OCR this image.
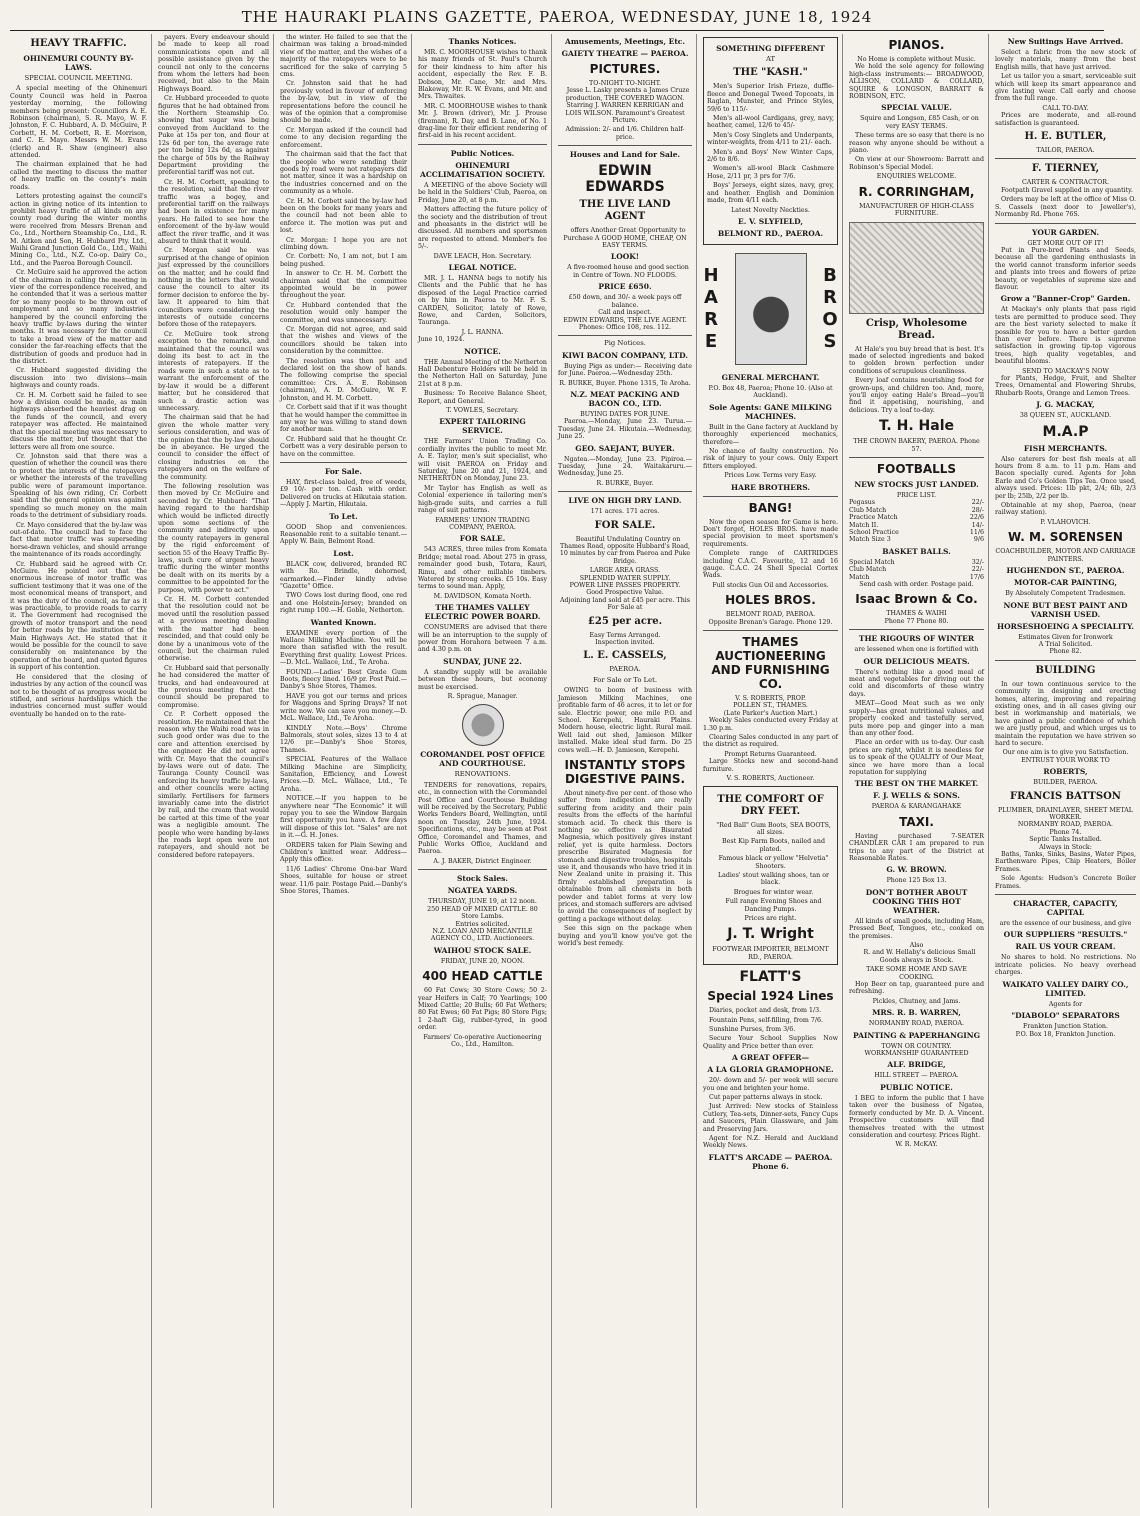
THE HAURAKI PLAINS GAZETTE, PAEROA, WEDNESDAY, JUNE 18, 1924
HEAVY TRAFFIC.
OHINEMURI COUNTY BY-LAWS.
SPECIAL COUNCIL MEETING.

A special meeting of the Ohinemuri County Council was held in Paeroa yesterday morning, the following members being present: Councillors A. E. Robinson (chairman), S. R. Mayo, W. F. Johnston, F. C. Hubbard, A. D. McGuire, P. Corbett, H. M. Corbett, R. E. Morrison, and C. E. Mayo. Messrs W. M. Evans (clerk) and R. Shaw (engineer) also attended.

The chairman explained that he had called the meeting to discuss the matter of heavy traffic on the county's main roads.

Letters protesting against the council's action in giving notice of its intention to prohibit heavy traffic of all kinds on any county road during the winter months were received from Messrs Brenan and Co., Ltd., Northern Steamship Co., Ltd., R. M. Aitken and Son, H. Hubbard Pty. Ltd., Waihi Grand Junction Gold Co., Ltd., Waihi Mining Co., Ltd., N.Z. Co-op. Dairy Co., Ltd., and the Paeroa Borough Council.

Cr. McGuire said he approved the action of the chairman in calling the meeting in view of the correspondence received, and he contended that it was a serious matter for so many people to be thrown out of employment and so many industries hampered by the council enforcing the heavy traffic by-laws during the winter months. It was necessary for the council to take a broad view of the matter and consider the far-reaching effects that the distribution of goods and produce had in the district.

Cr. Hubbard suggested dividing the discussion into two divisions—main highways and county roads.

Cr. H. M. Corbett said he failed to see how a division could be made, as main highways absorbed the heaviest drag on the funds of the council, and every ratepayer was affected. He maintained that the special meeting was necessary to discuss the matter, but thought that the letters were all from one source.

Cr. Johnston said that there was a question of whether the council was there to protect the interests of the ratepayers or whether the interests of the travelling public were of paramount importance. Speaking of his own riding, Cr. Corbett said that the general opinion was against spending so much money on the main roads to the detriment of subsidiary roads.

Cr. Mayo considered that the by-law was out-of-date. The council had to face the fact that motor traffic was superseding horse-drawn vehicles, and should arrange the maintenance of its roads accordingly.

Cr. Hubbard said he agreed with Cr. McGuire. He pointed out that the enormous increase of motor traffic was sufficient testimony that it was one of the most economical means of transport, and it was the duty of the council, as far as it was practicable, to provide roads to carry it. The Government had recognised the growth of motor transport and the need for better roads by the institution of the Main Highways Act. He stated that it would be possible for the council to save considerably on maintenance by the operation of the board, and quoted figures in support of his contention.

He considered that the closing of industries by any action of the council was not to be thought of as progress would be stifled, and serious hardships which the industries concerned must suffer would eventually be handed on to the rate-

payers. Every endeavour should be made to keep all road communications open and all possible assistance given by the council not only to the concerns from whom the letters had been received, but also to the Main Highways Board.

Cr. Hubbard proceeded to quote figures that he had obtained from the Northern Steamship Co. showing that sugar was being conveyed from Auckland to the Puke at 15s per ton, and flour at 12s 6d per ton, the average rate per ton being 12s 6d, as against the charge of 50s by the Railway Department providing the preferential tariff was not cut.

Cr. H. M. Corbett, speaking to the resolution, said that the river traffic was a bogey, and preferential tariff on the railways had been in existence for many years. He failed to see how the enforcement of the by-law would affect the river traffic, and it was absurd to think that it would.

Cr. Morgan said he was surprised at the change of opinion just expressed by the councillors on the matter, and he could find nothing in the letters that would cause the council to alter its former decision to enforce the by-law. It appeared to him that councillors were considering the interests of outside concerns before those of the ratepayers.

Cr. McGuire took strong exception to the remarks, and maintained that the council was doing its best to act in the interests of ratepayers. If the roads were in such a state as to warrant the enforcement of the by-law it would be a different matter, but he considered that such a drastic action was unnecessary.

The chairman said that he had given the whole matter very serious consideration, and was of the opinion that the by-law should be in abeyance. He urged the council to consider the effect of closing industries on the ratepayers and on the welfare of the community.

The following resolution was then moved by Cr. McGuire and seconded by Cr. Hubbard: "That having regard to the hardship which would be inflicted directly upon some sections of the community and indirectly upon the county ratepayers in general by the rigid enforcement of section 55 of the Heavy Traffic By-laws, such cure of urgent heavy traffic during the winter months be dealt with on its merits by a committee to be appointed for the purpose, with power to act."

Cr. H. M. Corbett contended that the resolution could not be moved until the resolution passed at a previous meeting dealing with the matter had been rescinded, and that could only be done by a unanimous vote of the council, but the chairman ruled otherwise.

Cr. Hubbard said that personally he had considered the matter of trucks, and had endeavoured at the previous meeting that the council should be prepared to compromise.

Cr. P. Corbett opposed the resolution. He maintained that the reason why the Waihi road was in such good order was due to the care and attention exercised by the engineer. He did not agree with Cr. Mayo that the council's by-laws were out of date. The Tauranga County Council was enforcing its heavy traffic by-laws, and other councils were acting similarly. Fertilisers for farmers invariably came into the district by rail, and the cream that would be carted at this time of the year was a negligible amount. The people who were handing by-laws the roads kept open were not ratepayers, and should not be considered before ratepayers.

the winter. He failed to see that the chairman was taking a broad-minded view of the matter, and the wishes of a majority of the ratepayers were to be sacrificed for the sake of carrying 5 cms.

Cr. Johnston said that he had previously voted in favour of enforcing the by-law, but in view of the representations before the council he was of the opinion that a compromise should be made.

Cr. Morgan asked if the council had come to any decision regarding the enforcement.

The chairman said that the fact that the people who were sending their goods by road were not ratepayers did not matter, since it was a hardship on the industries concerned and on the community as a whole.

Cr. H. M. Corbett said the by-law had been on the books for many years and the council had not been able to enforce it. The motion was put and lost.

Cr. Morgan: I hope you are not climbing down.

Cr. Corbett: No, I am not, but I am being pushed.

In answer to Cr. H. M. Corbett the chairman said that the committee appointed would be in power throughout the year.

Cr. Hubbard contended that the resolution would only hamper the committee, and was unnecessary.

Cr. Morgan did not agree, and said that the wishes and views of the councillors should be taken into consideration by the committee.

The resolution was then put and declared lost on the show of hands. The following comprise the special committee: Crs. A. E. Robinson (chairman), A. D. McGuire, W. F. Johnston, and H. M. Corbett.

Cr. Corbett said that if it was thought that he would hamper the committee in any way he was willing to stand down for another man.

Cr. Hubbard said that he thought Cr. Corbett was a very desirable person to have on the committee.

For Sale.

HAY, first-class baled, free of weeds, £9 10/- per ton. Cash with order. Delivered on trucks at Hikutaia station.—Apply J. Martin, Hikutaia.

To Let.

GOOD Shop and conveniences. Reasonable rent to a suitable tenant.—Apply W. Bain, Belmont Road.

Lost.

BLACK cow, delivered, branded RC with Ro. Brindle, dehorned, earmarked.—Finder kindly advise "Gazette" Office.

TWO Cows lost during flood, one red and one Holstein-Jersey; branded on right rump 100.—H. Goble, Netherton.

Wanted Known.

EXAMINE every portion of the Wallace Milking Machine. You will be more than satisfied with the result. Everything first quality. Lowest Prices.—D. McL. Wallace, Ltd., Te Aroha.

FOUND.—Ladies' Best Grade Gum Boots, fleecy lined. 16/9 pr. Post Paid.—Danby's Shoe Stores, Thames.

HAVE you got our terms and prices for Waggons and Spring Drays? If not write now. We can save you money.—D. McL. Wallace, Ltd., Te Aroha.

KINDLY Note.—Boys' Chrome Balmorals, stout soles, sizes 13 to 4 at 12/6 pr.—Danby's Shoe Stores, Thames.

SPECIAL Features of the Wallace Milking Machine are Simplicity, Sanitation, Efficiency, and Lowest Prices.—D. McL. Wallace, Ltd., Te Aroha.

NOTICE.—If you happen to be anywhere near "The Economic" it will repay you to see the Window Bargain first opportunity you have. A few days will dispose of this lot. "Sales" are not in it.—G. H. Jones.

ORDERS taken for Plain Sewing and Children's knitted wear. Address—Apply this office.

11/6 Ladies' Chrome One-bar Ward Shoes, suitable for house or street wear. 11/6 pair. Postage Paid.—Danby's Shoe Stores, Thames.

Thanks Notices.

MR. C. MOORHOUSE wishes to thank his many friends of St. Paul's Church for their kindness to him after his accident, especially the Rev. F. B. Dobson, Mr. Cane, Mr. and Mrs. Blakeway, Mr. R. W. Evans, and Mr. and Mrs. Thwaites.

MR. C. MOORHOUSE wishes to thank Mr. J. Brown (driver), Mr. J. Prouse (fireman), R. Day, and B. Lane, of No. 1 drag-line for their efficient rendering of first-aid in his recent accident.

Public Notices.
OHINEMURI ACCLIMATISATION SOCIETY.

A MEETING of the above Society will be held in the Soldiers' Club, Paeroa, on Friday, June 20, at 8 p.m.

Matters affecting the future policy of the society and the distribution of trout and pheasants in the district will be discussed. All members and sportsmen are requested to attend. Member's fee 5/-.

DAVE LEACH, Hon. Secretary.
LEGAL NOTICE.

MR. J. L. HANNA begs to notify his Clients and the Public that he has disposed of the Legal Practice carried on by him in Paeroa to Mr. F. S. CARDEN, Solicitor, lately of Rowe, Rowe, and Carden, Solicitors, Tauranga.

J. L. HANNA.
June 10, 1924.
NOTICE.

THE Annual Meeting of the Netherton Hall Debenture Holders will be held in the Netherton Hall on Saturday, June 21st at 8 p.m.

Business: To Receive Balance Sheet, Report, and General.

T. VOWLES, Secretary.
EXPERT TAILORING SERVICE.

THE Farmers' Union Trading Co. cordially invites the public to meet Mr. A. E. Taylor, men's suit specialist, who will visit PAEROA on Friday and Saturday, June 20 and 21, 1924, and NETHERTON on Monday, June 23.

Mr Taylor has English as well as Colonial experience in tailoring men's high-grade suits, and carries a full range of suit patterns.

FARMERS' UNION TRADING COMPANY, PAEROA.
FOR SALE.

543 ACRES, three miles from Komata Bridge; metal road. About 275 in grass, remainder good bush, Totara, Kauri, Rimu, and other millable timbers. Watered by strong creeks. £5 10s. Easy terms to sound man. Apply,

M. DAVIDSON, Komata North.
THE THAMES VALLEY ELECTRIC POWER BOARD.

CONSUMERS are advised that there will be an interruption to the supply of power from Horahora between 7 a.m. and 4.30 p.m. on

SUNDAY, JUNE 22.

A standby supply will be available between these hours, but economy must be exercised.

R. Sprague, Manager.
COROMANDEL POST OFFICE AND COURTHOUSE.
RENOVATIONS.

TENDERS for renovations, repairs, etc., in connection with the Coromandel Post Office and Courthouse Building will be received by the Secretary, Public Works Tenders Board, Wellington, until noon on Tuesday, 24th June, 1924. Specifications, etc., may be seen at Post Office, Coromandel and Thames, and Public Works Office, Auckland and Paeroa.

A. J. BAKER, District Engineer.
Stock Sales.
NGATEA YARDS.
THURSDAY, JUNE 19, at 12 noon.
250 HEAD OF MIXED CATTLE. 80 Store Lambs.
Entries solicited.
N.Z. LOAN AND MERCANTILE AGENCY CO., LTD. Auctioneers.
WAIHOU STOCK SALE.
FRIDAY, JUNE 20, NOON.
400 HEAD CATTLE

60 Fat Cows; 30 Store Cows; 50 2-year Heifers in Calf; 70 Yearlings; 100 Mixed Cattle; 20 Bulls; 60 Fat Wethers; 80 Fat Ewes; 60 Fat Pigs; 80 Store Pigs; 1 2-haft Gig, rubber-tyred, in good order.

Farmers' Co-operative Auctioneering Co., Ltd., Hamilton.
Amusements, Meetings, Etc.
GAIETY THEATRE — PAEROA.
PICTURES.
TO-NIGHT TO-NIGHT.

Jesse L. Lasky presents a James Cruze production, THE COVERED WAGON. Starring J. WARREN KERRIGAN and LOIS WILSON. Paramount's Greatest Picture.

Admission: 2/- and 1/6. Children half-price.
Houses and Land for Sale.
EDWIN EDWARDS
THE LIVE LAND AGENT

offers Another Great Opportunity to Purchase A GOOD HOME, CHEAP, ON EASY TERMS.

LOOK!

A five-roomed house and good section in Centre of Town. NO FLOODS.

PRICE £650.
£50 down, and 30/- a week pays off balance.
Call and inspect.
EDWIN EDWARDS, THE LIVE AGENT. Phones: Office 108, res. 112.
Pig Notices.
KIWI BACON COMPANY, LTD.

Buying Pigs as under:— Receiving date for June. Paeroa.—Wednesday 25th.

R. BURKE, Buyer. Phone 131S, Te Aroha.
N.Z. MEAT PACKING AND BACON CO., LTD.
BUYING DATES FOR JUNE.

Paeroa.—Monday, June 23. Turua.—Tuesday, June 24. Hikutaia.—Wednesday, June 25.

GEO. SAEJANT, BUYER.

Ngatea.—Monday, June 23. Pipiroa.—Tuesday, June 24. Waitakaruru.—Wednesday, June 25.

R. BURKE, Buyer.
LIVE ON HIGH DRY LAND.
171 acres. 171 acres.
FOR SALE.

Beautiful Undulating Country on Thames Road, opposite Hubbard's Road, 10 minutes by car from Paeroa and Puke Bridge.

LARGE AREA GRASS.
SPLENDID WATER SUPPLY.
POWER LINE PASSES PROPERTY.
Good Prospective Value.
Adjoining land sold at £45 per acre. This For Sale at
£25 per acre.
Easy Terms Arranged.
Inspection invited.
L. E. CASSELS,
PAEROA.
For Sale or To Let.

OWING to boom of business with Jamieson Milking Machines, one profitable farm of 46 acres, it to let or for sale. Electric power, one mile P.O. and School. Kerepehi, Hauraki Plains. Modern house, electric light. Rural mail. Well laid out shed, Jamieson Milker installed. Make ideal stud farm. Do 25 cows well.—H. D. Jamieson, Kerepehi.

INSTANTLY STOPS DIGESTIVE PAINS.

About ninety-five per cent. of those who suffer from indigestion are really suffering from acidity and their pain results from the effects of the harmful stomach acid. To check this there is nothing so effective as Bisurated Magnesia, which positively gives instant relief, yet is quite harmless. Doctors prescribe Bisurated Magnesia for stomach and digestive troubles, hospitals use it, and thousands who have tried it in New Zealand unite in praising it. This firmly established preparation is obtainable from all chemists in both powder and tablet forms at very low prices, and stomach sufferers are advised to avoid the consequences of neglect by getting a package without delay.

See this sign on the package when buying and you'll know you've got the world's best remedy.

SOMETHING DIFFERENT
AT
THE "KASH."

Men's Superior Irish Frieze, duffle-fleece and Donegal Tweed Topcoats, in Raglan, Munster, and Prince Styles, 59/6 to 115/-

Men's all-wool Cardigans, grey, navy, heather, camel, 12/6 to 45/-

Men's Cosy Singlets and Underpants, winter-weights, from 4/11 to 21/- each.

Men's and Boys' New Winter Caps, 2/6 to 8/6.

Women's all-wool Black Cashmere Hose, 2/11 pr, 3 prs for 7/6.

Boys' Jerseys, eight sizes, navy, grey, and heather. English and Dominion made, from 4/11 each.

Latest Novelty Neckties.
E. V. SLYFIELD,
BELMONT RD., PAEROA.
HARE
BROS
GENERAL MERCHANT.
P.O. Box 48, Paeroa; Phone 10. (Also at Auckland).
Sole Agents: GANE MILKING MACHINES.

Built in the Gane factory at Auckland by thoroughly experienced mechanics, therefore—

No chance of faulty construction. No risk of injury to your cows. Only Expert fitters employed.

Prices Low. Terms very Easy.
HARE BROTHERS.
BANG!

Now the open season for Game is here. Don't forget, HOLES BROS. have made special provision to meet sportsmen's requirements.

Complete range of CARTRIDGES including C.A.C. Favourite, 12 and 16 gauge. C.A.C. 24 Shell Special Cortex Wads.

Full stocks Gun Oil and Accessories.
HOLES BROS.
BELMONT ROAD, PAEROA.
Opposite Brenan's Garage. Phone 129.
THAMES AUCTIONEERING AND FURNISHING CO.
V. S. ROBERTS, PROP.
POLLEN ST., THAMES.
(Late Parker's Auction Mart.)

Weekly Sales conducted every Friday at 1.30 p.m.

Clearing Sales conducted in any part of the district as required.

Prompt Returns Guaranteed.

Large Stocks new and second-hand furniture.

V. S. ROBERTS, Auctioneer.
THE COMFORT OF DRY FEET.

"Red Ball" Gum Boots, SEA BOOTS, all sizes.

Best Kip Farm Boots, nailed and plated.

Famous black or yellow "Helvetia" Shooters.

Ladies' stout walking shoes, tan or black.

Brogues for winter wear.

Full range Evening Shoes and Dancing Pumps.

Prices are right.
J. T. Wright
FOOTWEAR IMPORTER, BELMONT RD., PAEROA.
FLATT'S
Special 1924 Lines

Diaries, pocket and desk, from 1/3.

Fountain Pens, self-filling, from 7/6.

Sunshine Purses, from 3/6.

Secure Your School Supplies Now Quality and Price better than ever.

A GREAT OFFER—
A LA GLORIA GRAMOPHONE.

20/- down and 5/- per week will secure you one and brighten your home.

Cut paper patterns always in stock.

Just Arrived: New stocks of Stainless Cutlery, Tea-sets, Dinner-sets, Fancy Cups and Saucers, Plain Glassware, and Jam and Preserving Jars.

Agent for N.Z. Herald and Auckland Weekly News.

FLATT'S ARCADE — PAEROA. Phone 6.
PIANOS.
No Home is complete without Music.

We hold the sole agency for following high-class instruments:— BROADWOOD, ALLISON, COLLARD & COLLARD, SQUIRE & LONGSON, BARRATT & ROBINSON, ETC.

SPECIAL VALUE.

Squire and Longson, £85 Cash, or on very EASY TERMS.

These terms are so easy that there is no reason why anyone should be without a piano.

On view at our Showroom: Barratt and Robinson's Special Model.

ENQUIRIES WELCOME.
R. CORRINGHAM,
MANUFACTURER OF HIGH-CLASS FURNITURE.
Crisp, Wholesome Bread.

At Hale's you buy bread that is best. It's made of selected ingredients and baked to golden brown perfection under conditions of scrupulous cleanliness.

Every loaf contains nourishing food for grown-ups, and children too. And, more, you'll enjoy eating Hale's Bread—you'll find it appetising, nourishing, and delicious. Try a loaf to-day.

T. H. Hale
THE CROWN BAKERY, PAEROA. Phone 57.
FOOTBALLS
NEW STOCKS JUST LANDED.
PRICE LIST.
Pegasus	22/-
Club Match	28/-
Practice Match	22/6
Match II.	14/-
School Practice	11/6
Match Size 3	9/6
BASKET BALLS.
Special Match	32/-
Club Match	22/-
Match	17/6
Send cash with order. Postage paid.
Isaac Brown & Co.
THAMES & WAIHI
Phone 77 Phone 80.
THE RIGOURS OF WINTER
are lessened when one is fortified with
OUR DELICIOUS MEATS.

There's nothing like a good meal of meat and vegetables for driving out the cold and discomforts of these wintry days.

MEAT—Good Meat such as we only supply—has great nutritional values, and properly cooked and tastefully served, puts more pep and ginger into a man than any other food.

Place an order with us to-day. Our cash prices are right, whilst it is needless for us to speak of the QUALITY of Our Meat, since we have more than a local reputation for supplying

THE BEST ON THE MARKET.
F. J. WELLS & SONS.
PAEROA & KARANGAHAKE
TAXI.

Having purchased 7-SEATER CHANDLER CAR I am prepared to run trips to any part of the District at Reasonable Rates.

G. W. BROWN.
Phone 125 Box 13.
DON'T BOTHER ABOUT COOKING THIS HOT WEATHER.

All kinds of small goods, including Ham, Pressed Beef, Tongues, etc., cooked on the premises.

Also

R. and W. Hellaby's delicious Small Goods always in Stock.

TAKE SOME HOME AND SAVE COOKING.

Hop Beer on tap, guaranteed pure and refreshing.

Pickles, Chutney, and Jams.
MRS. R. B. WARREN,
NORMANBY ROAD, PAEROA.
PAINTING & PAPERHANGING
TOWN OR COUNTRY.
WORKMANSHIP GUARANTEED
ALF. BRIDGE,
HILL STREET — PAEROA.
PUBLIC NOTICE.

I BEG to inform the public that I have taken over the business of Ngatea, formerly conducted by Mr. D. A. Vincent. Prospective customers will find themselves treated with the utmost consideration and courtesy. Prices Right.

W. R. McKAY.
New Suitings Have Arrived.

Select a fabric from the new stock of lovely materials, many from the best English mills, that have just arrived.

Let us tailor you a smart, serviceable suit which will keep its smart appearance and give lasting wear. Call early and choose from the full range.

CALL TO-DAY.

Prices are moderate, and all-round satisfaction is guaranteed.

H. E. BUTLER,
TAILOR, PAEROA.
F. TIERNEY,
CARTER & CONTRACTOR.

Footpath Gravel supplied in any quantity.

Orders may be left at the office of Miss O. S. Cassels (next door to Jeweller's), Normanby Rd. Phone 76S.

YOUR GARDEN.
GET MORE OUT OF IT!

Put in Pure-bred Plants and Seeds, because all the gardening enthusiasts in the world cannot transform inferior seeds and plants into trees and flowers of prize beauty, or vegetables of supreme size and flavour.

Grow a "Banner-Crop" Garden.

At Mackay's only plants that pass rigid tests are permitted to produce seed. They are the best variety selected to make it possible for you to have a better garden than ever before. There is supreme satisfaction in growing tip-top vigorous trees, high quality vegetables, and beautiful blooms.

SEND TO MACKAY'S NOW

for Plants, Hedge, Fruit, and Shelter Trees, Ornamental and Flowering Shrubs, Rhubarb Roots, Orange and Lemon Trees.

J. G. MACKAY,
38 QUEEN ST., AUCKLAND.
M.A.P
FISH MERCHANTS.

Also caterers for best fish meals at all hours from 8 a.m. to 11 p.m. Ham and Bacon specially cured. Agents for John Earle and Co's Golden Tips Tea. Once used, always used. Prices: 1lb pkt, 2/4; 6lb, 2/3 per lb; 25lb, 2/2 per lb.

Obtainable at my shop, Paeroa, (near railway station).

P. VLAHOVICH.
W. M. SORENSEN
COACHBUILDER, MOTOR AND CARRIAGE PAINTERS.
HUGHENDON ST., PAEROA.
MOTOR-CAR PAINTING,
By Absolutely Competent Tradesmen.
NONE BUT BEST PAINT AND VARNISH USED.
HORSESHOEING A SPECIALITY.
Estimates Given for Ironwork
A Trial Solicited.
Phone 82.
BUILDING

In our town continuous service to the community in designing and erecting homes, altering, improving and repairing existing ones, and in all cases giving our best in workmanship and materials, we have gained a public confidence of which we are justly proud, and which urges us to maintain the reputation we have striven so hard to secure.

Our one aim is to give you Satisfaction.
ENTRUST YOUR WORK TO
ROBERTS,
BUILDER, PAEROA.
FRANCIS BATTSON
PLUMBER, DRAINLAYER, SHEET METAL WORKER.
NORMANBY ROAD, PAEROA.
Phone 74.
Septic Tanks Installed.
Always in Stock:

Baths, Tanks, Sinks, Basins, Water Pipes, Earthenware Pipes, Chip Heaters, Boiler Frames.

Sole Agents: Hudson's Concrete Boiler Frames.

CHARACTER, CAPACITY, CAPITAL
are the essence of our business, and give
OUR SUPPLIERS "RESULTS."
RAIL US YOUR CREAM.

No shares to hold. No restrictions. No intricate policies. No heavy overhead charges.

WAIKATO VALLEY DAIRY CO., LIMITED.
Agents for
"DIABOLO" SEPARATORS
Frankton Junction Station.
P.O. Box 18, Frankton Junction.
